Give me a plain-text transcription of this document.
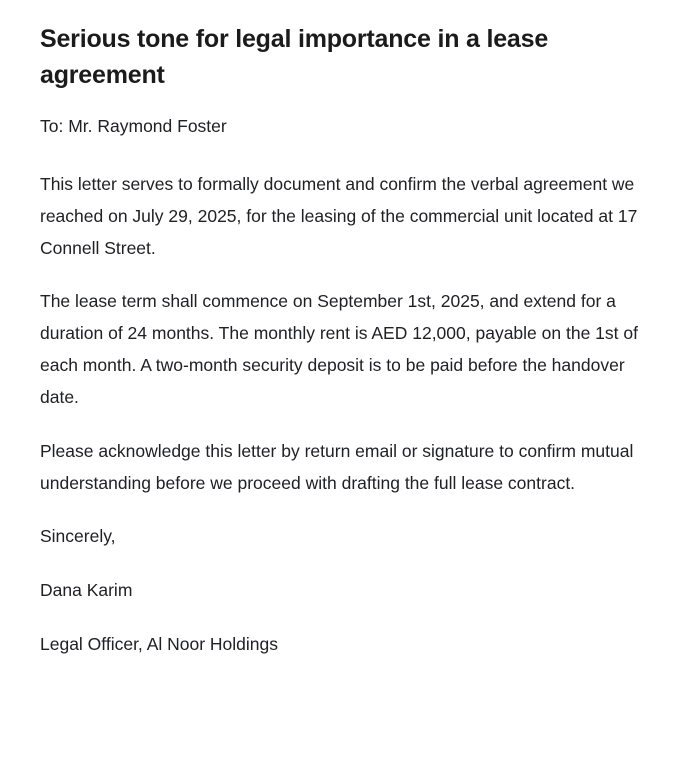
Serious tone for legal importance in a lease agreement

To: Mr. Raymond Foster

This letter serves to formally document and confirm the verbal agreement we reached on July 29, 2025, for the leasing of the commercial unit located at 17 Connell Street.

The lease term shall commence on September 1st, 2025, and extend for a duration of 24 months. The monthly rent is AED 12,000, payable on the 1st of each month. A two-month security deposit is to be paid before the handover date.

Please acknowledge this letter by return email or signature to confirm mutual understanding before we proceed with drafting the full lease contract.

Sincerely,

Dana Karim

Legal Officer, Al Noor Holdings
